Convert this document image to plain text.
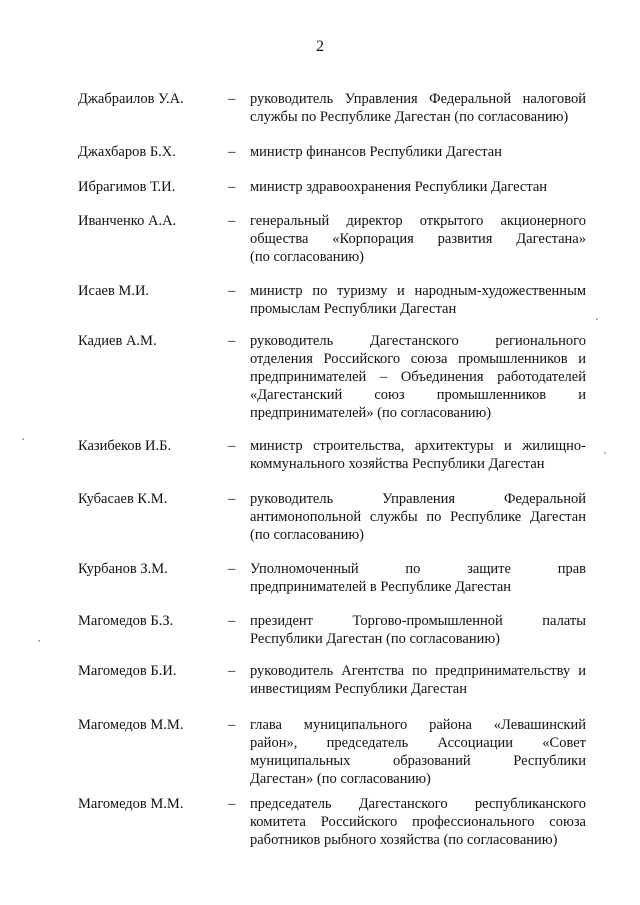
2
Джабраилов У.А.	– руководитель Управления Федеральной налоговой
службы по Республике Дагестан (по согласованию)
Джахбаров Б.Х.	– министр финансов Республики Дагестан
Ибрагимов Т.И.	– министр здравоохранения Республики Дагестан
Иванченко А.А.	– генеральный директор открытого акционерного
общества «Корпорация развития Дагестана»
(по согласованию)
Исаев М.И.	– министр по туризму и народным-художественным
промыслам Республики Дагестан
Кадиев А.М.	– руководитель Дагестанского регионального
отделения Российского союза промышленников и
предпринимателей – Объединения работодателей
«Дагестанский союз промышленников и
предпринимателей» (по согласованию)
Казибеков И.Б.	– министр строительства, архитектуры и жилищно-
коммунального хозяйства Республики Дагестан
Кубасаев К.М.	– руководитель Управления Федеральной
антимонопольной службы по Республике Дагестан
(по согласованию)
Курбанов З.М.	– Уполномоченный по защите прав
предпринимателей в Республике Дагестан
Магомедов Б.З.	– президент Торгово-промышленной палаты
Республики Дагестан (по согласованию)
Магомедов Б.И.	– руководитель Агентства по предпринимательству и
инвестициям Республики Дагестан
Магомедов М.М.	– глава муниципального района «Левашинский
район», председатель Ассоциации «Совет
муниципальных образований Республики
Дагестан» (по согласованию)
Магомедов М.М.	– председатель Дагестанского республиканского
комитета Российского профессионального союза
работников рыбного хозяйства (по согласованию)
